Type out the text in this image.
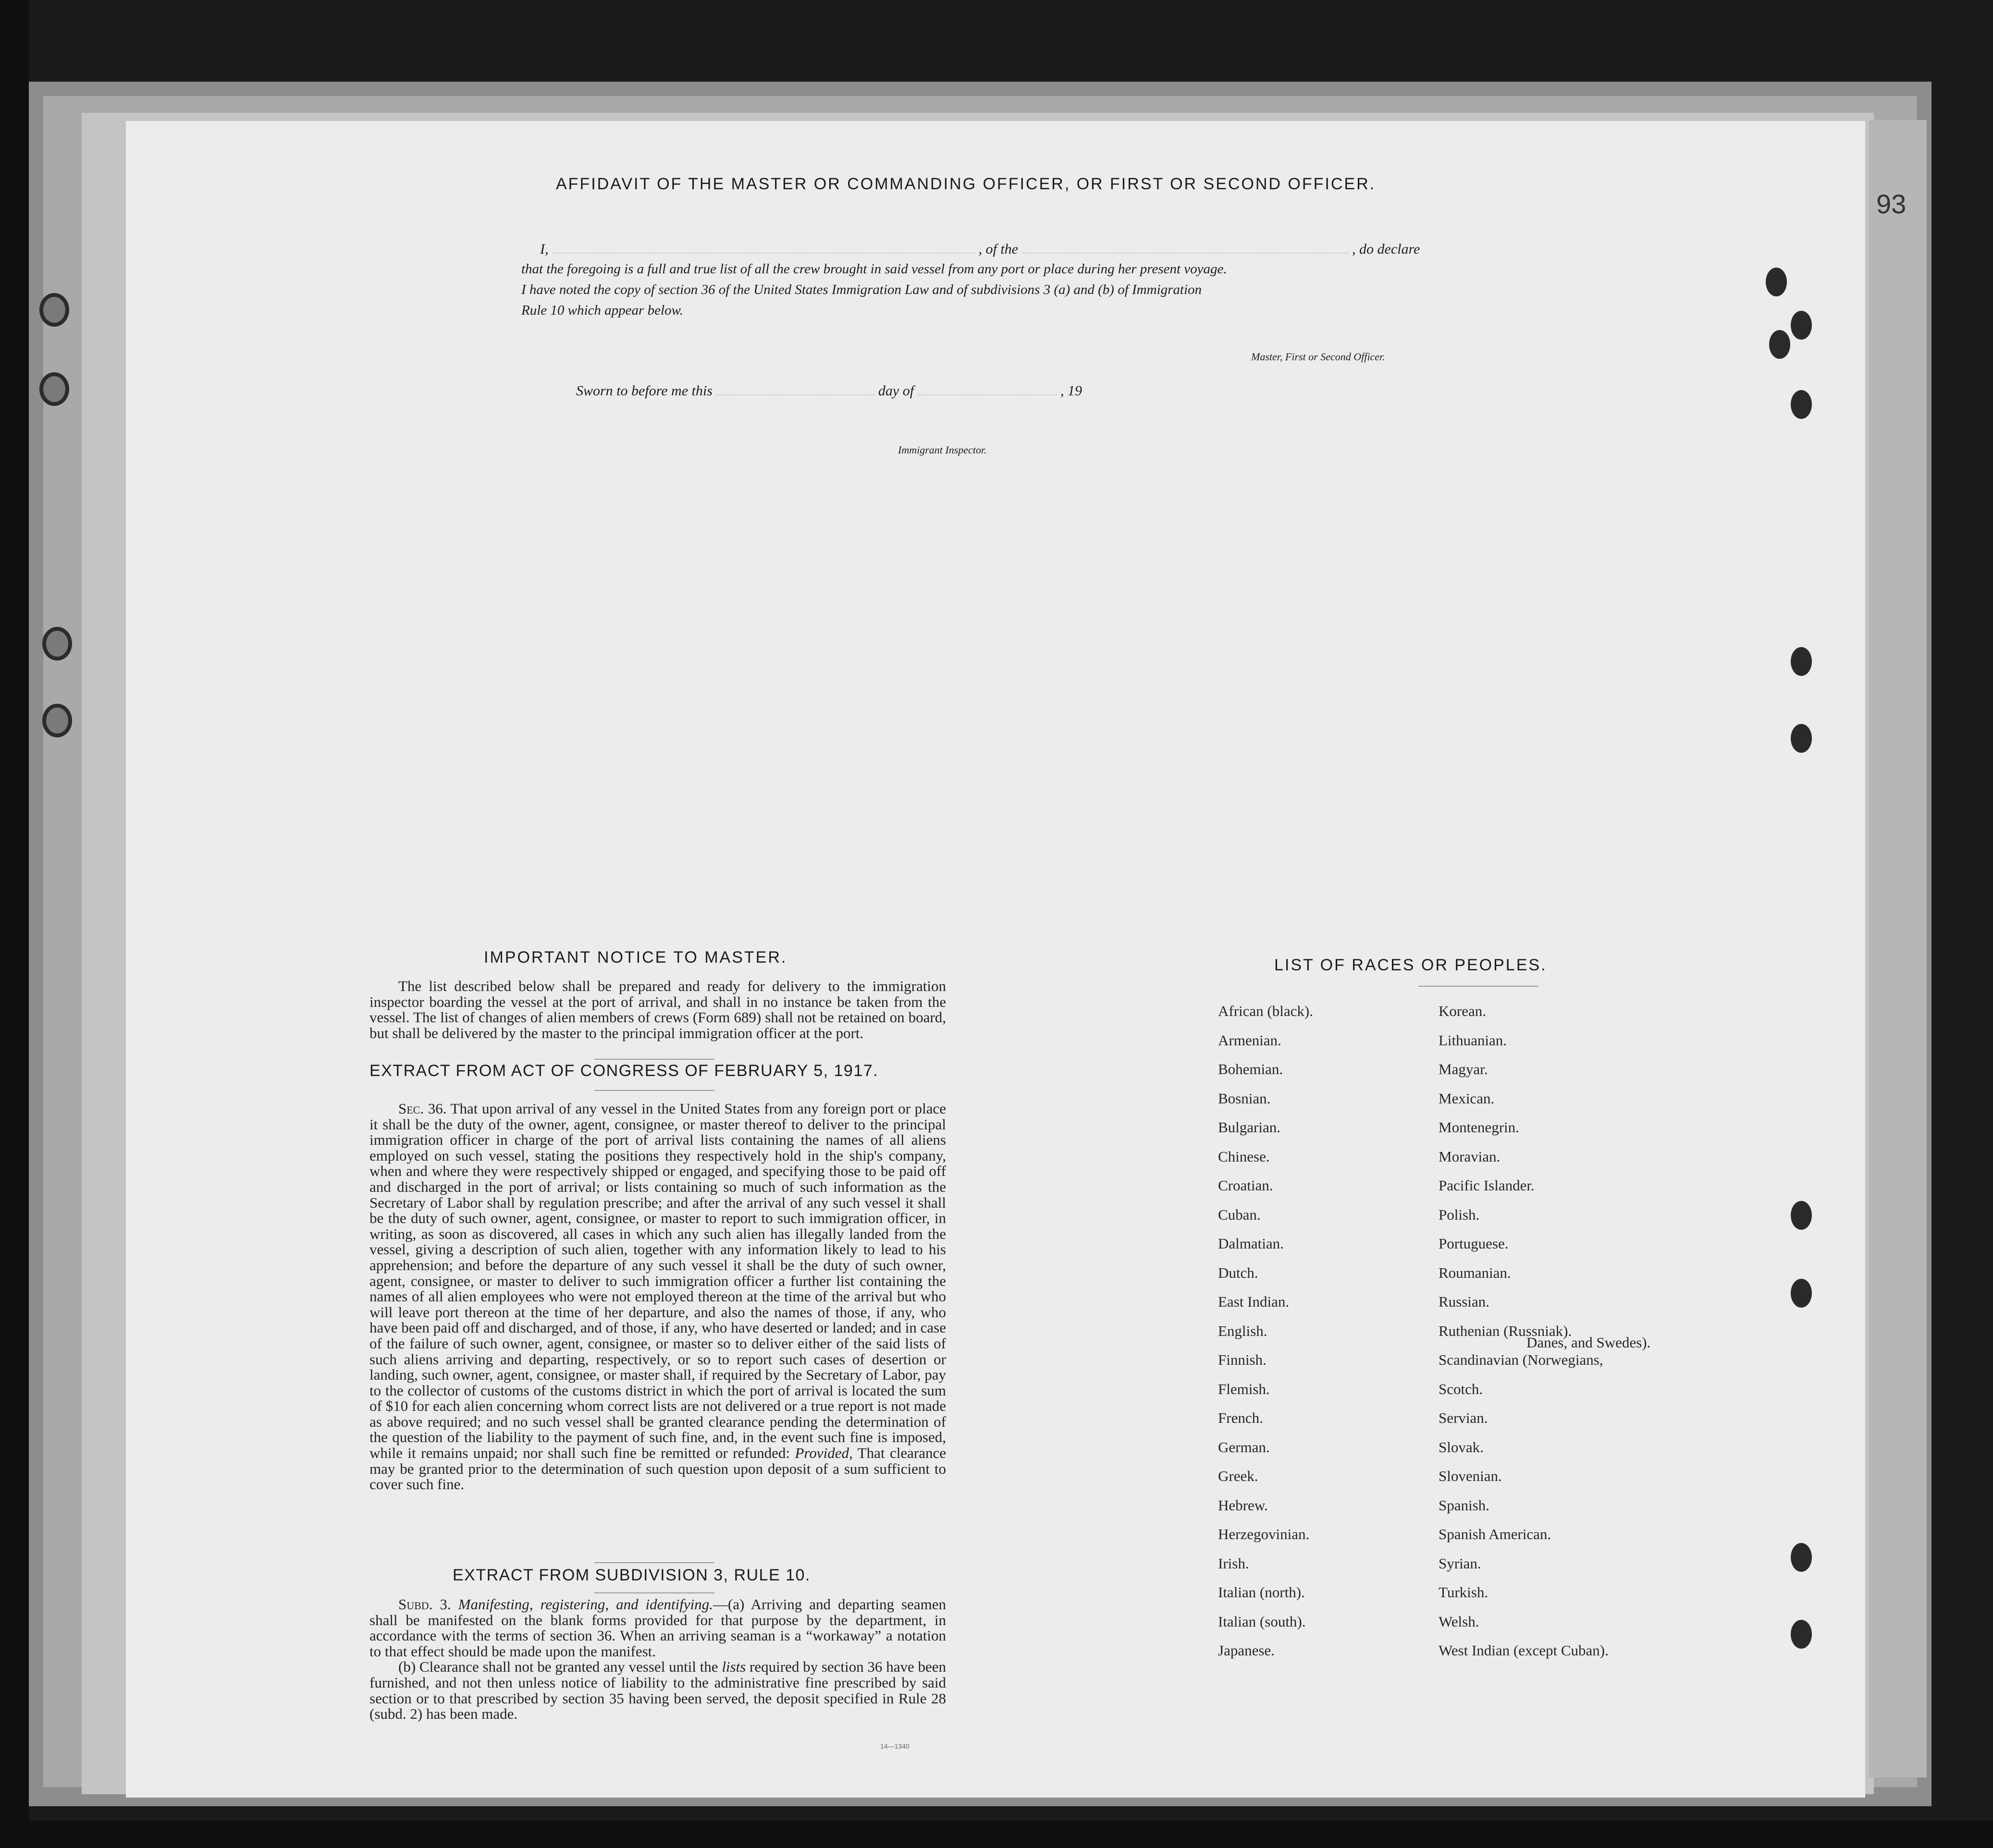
93
AFFIDAVIT OF THE MASTER OR COMMANDING OFFICER, OR FIRST OR SECOND OFFICER.
I,	, of the	, do declare
that the foregoing is a full and true list of all the crew brought in said vessel from any port or place during her present voyage.
I have noted the copy of section 36 of the United States Immigration Law and of subdivisions 3 (a) and (b) of Immigration
Rule 10 which appear below.
Master, First or Second Officer.
Sworn to before me this	day of	, 19
Immigrant Inspector.
IMPORTANT NOTICE TO MASTER.

The list described below shall be prepared and ready for delivery to the immigration inspector boarding the vessel at the port of arrival, and shall in no instance be taken from the vessel. The list of changes of alien members of crews (Form 689) shall not be retained on board, but shall be delivered by the master to the principal immigration officer at the port.

EXTRACT FROM ACT OF CONGRESS OF FEBRUARY 5, 1917.

Sec. 36. That upon arrival of any vessel in the United States from any foreign port or place it shall be the duty of the owner, agent, consignee, or master thereof to deliver to the principal immigration officer in charge of the port of arrival lists containing the names of all aliens employed on such vessel, stating the positions they respectively hold in the ship's company, when and where they were respectively shipped or engaged, and specifying those to be paid off and discharged in the port of arrival; or lists containing so much of such information as the Secretary of Labor shall by regulation prescribe; and after the arrival of any such vessel it shall be the duty of such owner, agent, consignee, or master to report to such immigration officer, in writing, as soon as discovered, all cases in which any such alien has illegally landed from the vessel, giving a description of such alien, together with any information likely to lead to his apprehension; and before the departure of any such vessel it shall be the duty of such owner, agent, consignee, or master to deliver to such immigration officer a further list containing the names of all alien employees who were not employed thereon at the time of the arrival but who will leave port thereon at the time of her departure, and also the names of those, if any, who have been paid off and discharged, and of those, if any, who have deserted or landed; and in case of the failure of such owner, agent, consignee, or master so to deliver either of the said lists of such aliens arriving and departing, respectively, or so to report such cases of desertion or landing, such owner, agent, consignee, or master shall, if required by the Secretary of Labor, pay to the collector of customs of the customs district in which the port of arrival is located the sum of $10 for each alien concerning whom correct lists are not delivered or a true report is not made as above required; and no such vessel shall be granted clearance pending the determination of the question of the liability to the payment of such fine, and, in the event such fine is imposed, while it remains unpaid; nor shall such fine be remitted or refunded: Provided, That clearance may be granted prior to the determination of such question upon deposit of a sum sufficient to cover such fine.

EXTRACT FROM SUBDIVISION 3, RULE 10.

Subd. 3. Manifesting, registering, and identifying.—(a) Arriving and departing seamen shall be manifested on the blank forms provided for that purpose by the department, in accordance with the terms of section 36. When an arriving seaman is a “workaway” a notation to that effect should be made upon the manifest.

(b) Clearance shall not be granted any vessel until the lists required by section 36 have been furnished, and not then unless notice of liability to the administrative fine prescribed by said section or to that prescribed by section 35 having been served, the deposit specified in Rule 28 (subd. 2) has been made.

14—1340
LIST OF RACES OR PEOPLES.
Danes, and Swedes).
African (black).
Armenian.
Bohemian.
Bosnian.
Bulgarian.
Chinese.
Croatian.
Cuban.
Dalmatian.
Dutch.
East Indian.
English.
Finnish.
Flemish.
French.
German.
Greek.
Hebrew.
Herzegovinian.
Irish.
Italian (north).
Italian (south).
Japanese.
Korean.
Lithuanian.
Magyar.
Mexican.
Montenegrin.
Moravian.
Pacific Islander.
Polish.
Portuguese.
Roumanian.
Russian.
Ruthenian (Russniak).
Scandinavian (Norwegians,
Scotch.
Servian.
Slovak.
Slovenian.
Spanish.
Spanish American.
Syrian.
Turkish.
Welsh.
West Indian (except Cuban).
